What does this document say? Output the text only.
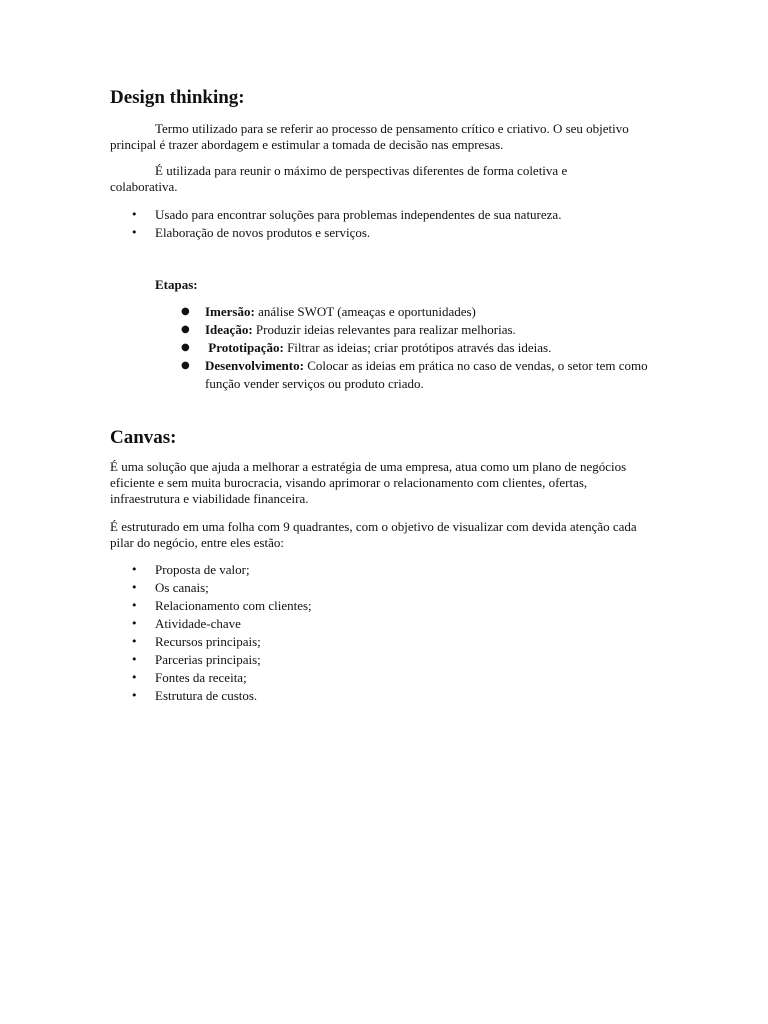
Design thinking:

Termo utilizado para se referir ao processo de pensamento crítico e criativo. O seu objetivo principal é trazer abordagem e estimular a tomada de decisão nas empresas.

É utilizada para reunir o máximo de perspectivas diferentes de forma coletiva e colaborativa.

• Usado para encontrar soluções para problemas independentes de sua natureza.
• Elaboração de novos produtos e serviços.

Etapas:

● Imersão: análise SWOT (ameaças e oportunidades)
● Ideação: Produzir ideias relevantes para realizar melhorias.
● Prototipação: Filtrar as ideias; criar protótipos através das ideias.
● Desenvolvimento: Colocar as ideias em prática no caso de vendas, o setor tem como função vender serviços ou produto criado.
Canvas:

É uma solução que ajuda a melhorar a estratégia de uma empresa, atua como um plano de negócios eficiente e sem muita burocracia, visando aprimorar o relacionamento com clientes, ofertas, infraestrutura e viabilidade financeira.

É estruturado em uma folha com 9 quadrantes, com o objetivo de visualizar com devida atenção cada pilar do negócio, entre eles estão:

• Proposta de valor;
• Os canais;
• Relacionamento com clientes;
• Atividade-chave
• Recursos principais;
• Parcerias principais;
• Fontes da receita;
• Estrutura de custos.
